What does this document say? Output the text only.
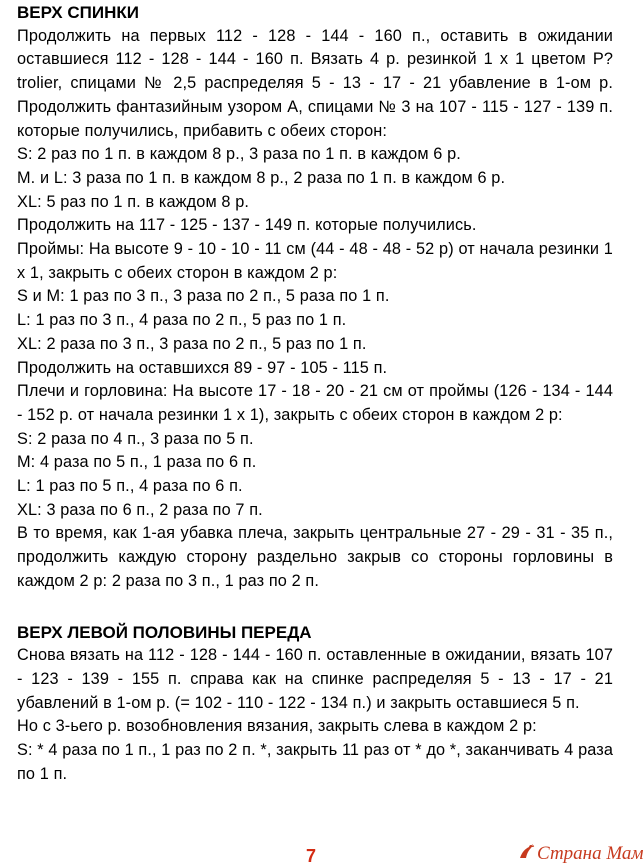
ВЕРХ СПИНКИ

Продолжить на первых 112 - 128 - 144 - 160 п., оставить в ожидании оставшиеся 112 - 128 - 144 - 160 п. Вязать 4 р. резинкой 1 х 1 цветом P?trolier, спицами № 2,5 распределяя 5 - 13 - 17 - 21 убавление в 1-ом р. Продолжить фантазийным узором А, спицами № 3 на 107 - 115 - 127 - 139 п. которые получились, прибавить с обеих сторон:

S: 2 раз по 1 п. в каждом 8 р., 3 раза по 1 п. в каждом 6 р.

M. и L: 3 раза по 1 п. в каждом 8 р., 2 раза по 1 п. в каждом 6 р.

XL: 5 раз по 1 п. в каждом 8 р.

Продолжить на 117 - 125 - 137 - 149 п. которые получились.

Проймы: На высоте 9 - 10 - 10 - 11 см (44 - 48 - 48 - 52 р) от начала резинки 1 х 1, закрыть с обеих сторон в каждом 2 р:

S и M: 1 раз по 3 п., 3 раза по 2 п., 5 раза по 1 п.

L: 1 раз по 3 п., 4 раза по 2 п., 5 раз по 1 п.

XL: 2 раза по 3 п., 3 раза по 2 п., 5 раз по 1 п.

Продолжить на оставшихся 89 - 97 - 105 - 115 п.

Плечи и горловина: На высоте 17 - 18 - 20 - 21 см от проймы (126 - 134 - 144 - 152 р. от начала резинки 1 х 1), закрыть с обеих сторон в каждом 2 р:

S: 2 раза по 4 п., 3 раза по 5 п.

M: 4 раза по 5 п., 1 раза по 6 п.

L: 1 раз по 5 п., 4 раза по 6 п.

XL: 3 раза по 6 п., 2 раза по 7 п.

В то время, как 1-ая убавка плеча, закрыть центральные 27 - 29 - 31 - 35 п., продолжить каждую сторону раздельно закрыв со стороны горловины в каждом 2 р: 2 раза по 3 п., 1 раз по 2 п.

ВЕРХ ЛЕВОЙ ПОЛОВИНЫ ПЕРЕДА

Снова вязать на 112 - 128 - 144 - 160 п. оставленные в ожидании, вязать 107 - 123 - 139 - 155 п. справа как на спинке распределяя 5 - 13 - 17 - 21 убавлений в 1-ом р. (= 102 - 110 - 122 - 134 п.) и закрыть оставшиеся 5 п.

Но с 3-ьего р. возобновления вязания, закрыть слева в каждом 2 р:

S: * 4 раза по 1 п., 1 раз по 2 п. *, закрыть 11 раз от * до *, заканчивать 4 раза по 1 п.

7	Страна Мам
